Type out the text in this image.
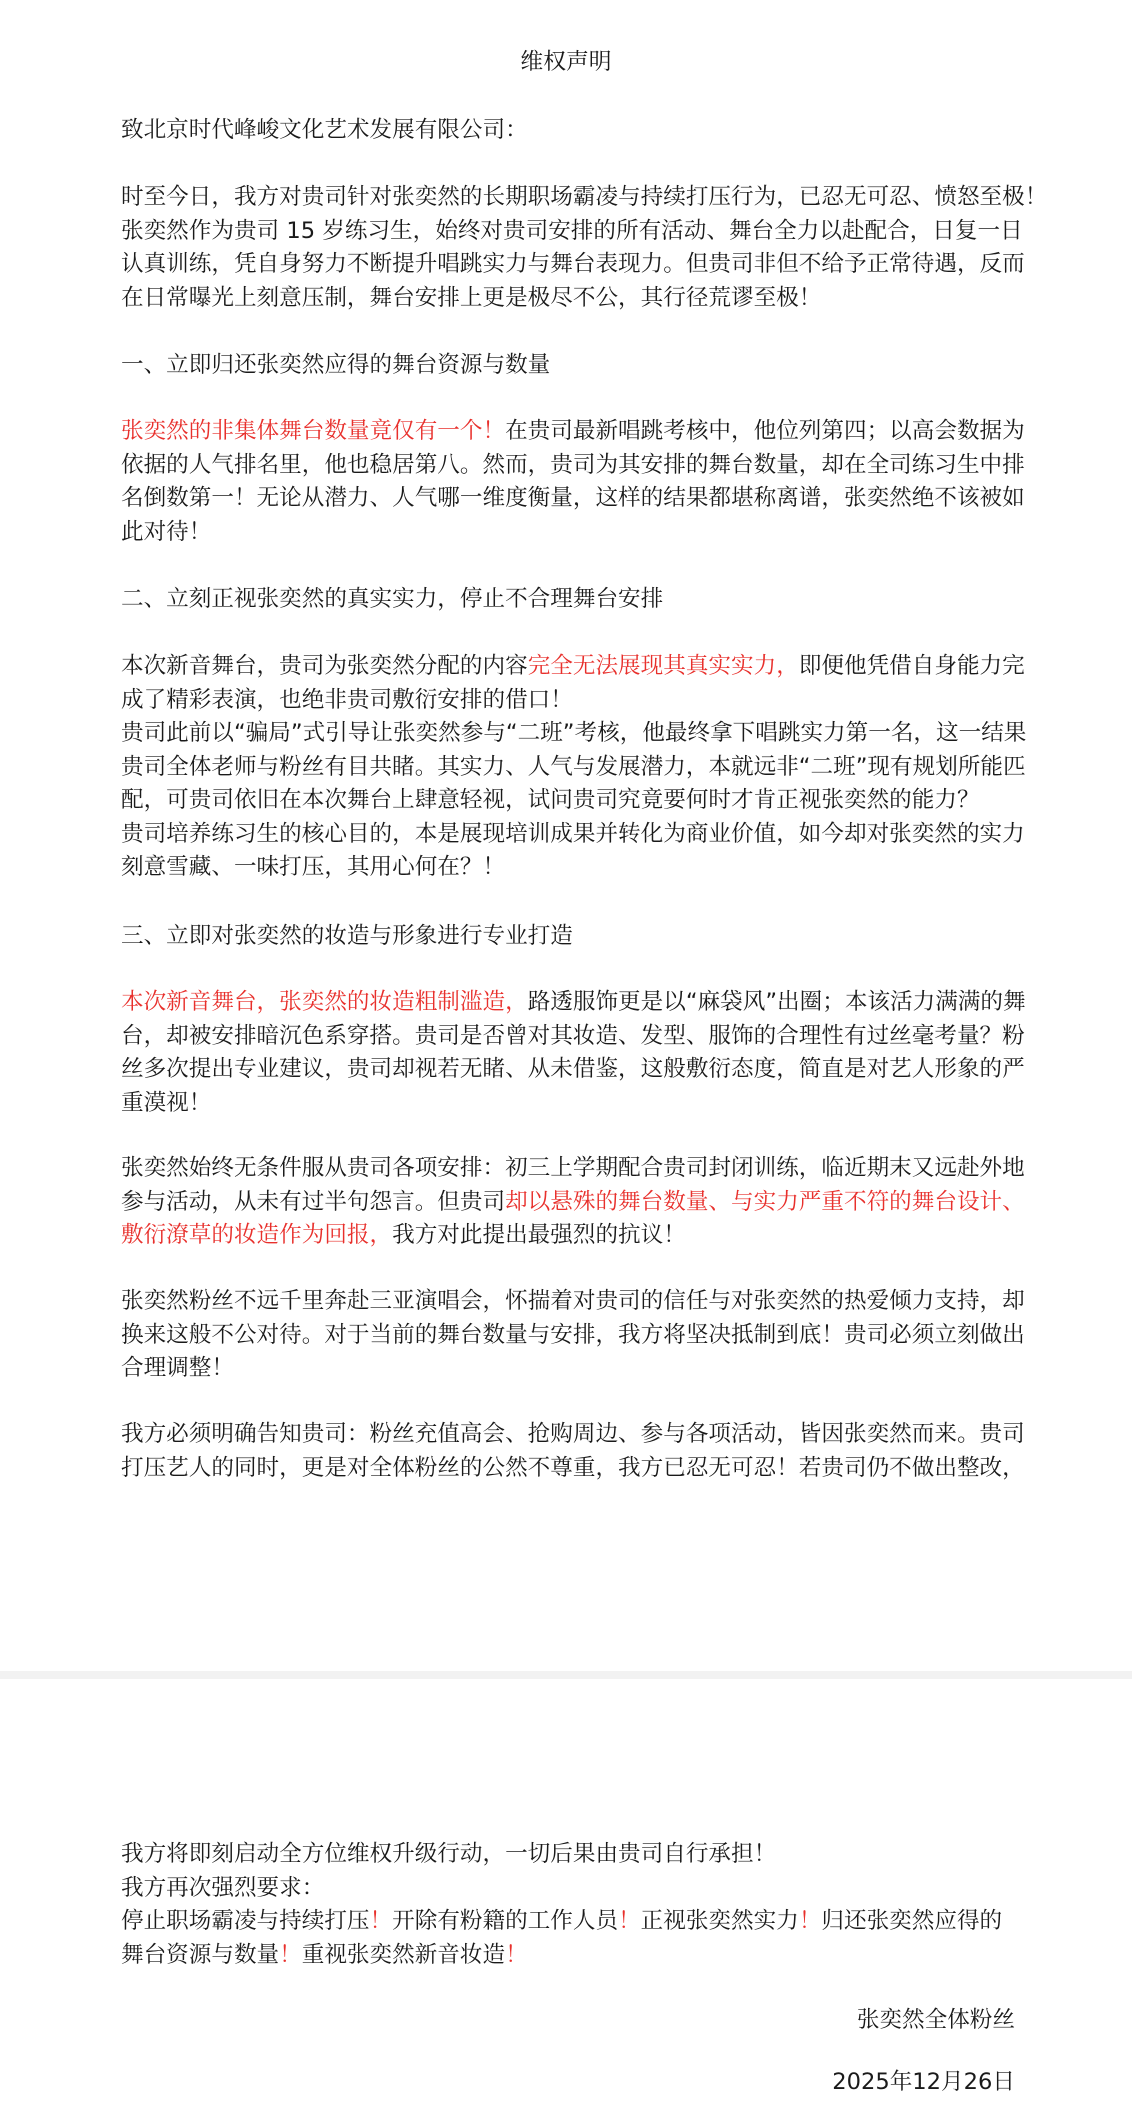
维权声明
致北京时代峰峻文化艺术发展有限公司：
时至今日，我方对贵司针对张奕然的长期职场霸凌与持续打压行为，已忍无可忍、愤怒至极！
张奕然作为贵司 15 岁练习生，始终对贵司安排的所有活动、舞台全力以赴配合，日复一日
认真训练，凭自身努力不断提升唱跳实力与舞台表现力。但贵司非但不给予正常待遇，反而
在日常曝光上刻意压制，舞台安排上更是极尽不公，其行径荒谬至极！
一、立即归还张奕然应得的舞台资源与数量
张奕然的非集体舞台数量竟仅有一个！在贵司最新唱跳考核中，他位列第四；以高会数据为
依据的人气排名里，他也稳居第八。然而，贵司为其安排的舞台数量，却在全司练习生中排
名倒数第一！无论从潜力、人气哪一维度衡量，这样的结果都堪称离谱，张奕然绝不该被如
此对待！
二、立刻正视张奕然的真实实力，停止不合理舞台安排
本次新音舞台，贵司为张奕然分配的内容完全无法展现其真实实力，即便他凭借自身能力完
成了精彩表演，也绝非贵司敷衍安排的借口！
贵司此前以“骗局”式引导让张奕然参与“二班”考核，他最终拿下唱跳实力第一名，这一结果
贵司全体老师与粉丝有目共睹。其实力、人气与发展潜力，本就远非“二班”现有规划所能匹
配，可贵司依旧在本次舞台上肆意轻视，试问贵司究竟要何时才肯正视张奕然的能力？
贵司培养练习生的核心目的，本是展现培训成果并转化为商业价值，如今却对张奕然的实力
刻意雪藏、一味打压，其用心何在？！
三、立即对张奕然的妆造与形象进行专业打造
本次新音舞台，张奕然的妆造粗制滥造，路透服饰更是以“麻袋风”出圈；本该活力满满的舞
台，却被安排暗沉色系穿搭。贵司是否曾对其妆造、发型、服饰的合理性有过丝毫考量？粉
丝多次提出专业建议，贵司却视若无睹、从未借鉴，这般敷衍态度，简直是对艺人形象的严
重漠视！
张奕然始终无条件服从贵司各项安排：初三上学期配合贵司封闭训练，临近期末又远赴外地
参与活动，从未有过半句怨言。但贵司却以悬殊的舞台数量、与实力严重不符的舞台设计、
敷衍潦草的妆造作为回报，我方对此提出最强烈的抗议！
张奕然粉丝不远千里奔赴三亚演唱会，怀揣着对贵司的信任与对张奕然的热爱倾力支持，却
换来这般不公对待。对于当前的舞台数量与安排，我方将坚决抵制到底！贵司必须立刻做出
合理调整！
我方必须明确告知贵司：粉丝充值高会、抢购周边、参与各项活动，皆因张奕然而来。贵司
打压艺人的同时，更是对全体粉丝的公然不尊重，我方已忍无可忍！若贵司仍不做出整改，
我方将即刻启动全方位维权升级行动，一切后果由贵司自行承担！
我方再次强烈要求：
停止职场霸凌与持续打压！开除有粉籍的工作人员！正视张奕然实力！归还张奕然应得的
舞台资源与数量！重视张奕然新音妆造！
张奕然全体粉丝
2025年12月26日
